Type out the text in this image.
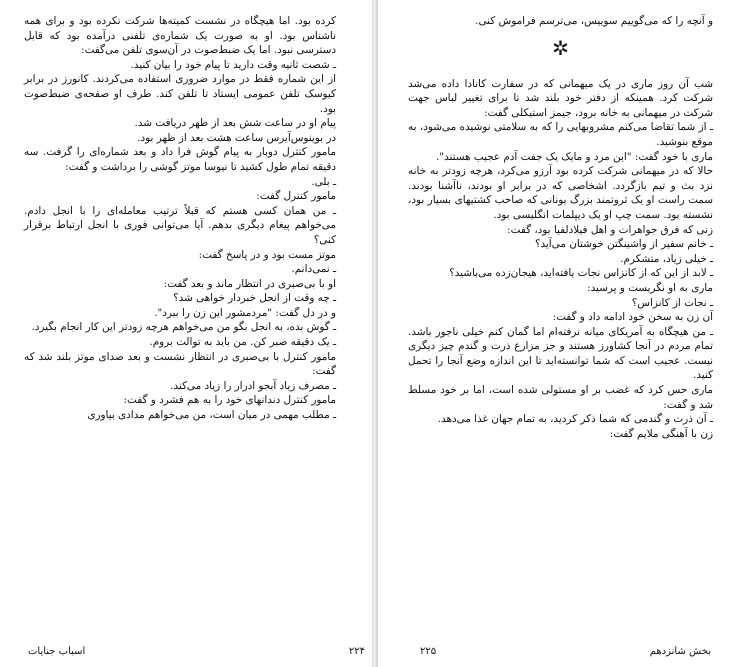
کرده بود. اما هیچگاه در نشست کمیته‌ها شرکت نکرده بود و برای همه ناشناس بود. او به صورت یک شماره‌ی تلفنی درآمده بود که قابل دسترسی نبود. اما یک ضبط‌صوت در آن‌سوی تلفن می‌گفت:

ـ شصت ثانیه وقت دارید تا پیام خود را بیان کنید.

از این شماره فقط در موارد ضروری استفاده می‌کردند. کانورز در برابر کیوسک تلفن عمومی ایستاد تا تلفن کند. طرف او صفحه‌ی ضبط‌صوت بود.

پیام او در ساعت شش بعد از ظهر دریافت شد.

در بوینوس‌آیرس ساعت هشت بعد از ظهر بود.

مامور کنترل دوبار به پیام گوش فرا داد و بعد شماره‌ای را گرفت. سه دقیقه تمام طول کشید تا نیوسا موتز گوشی را برداشت و گفت:

ـ بلی.

مامور کنترل گفت:

ـ من همان کسی هستم که قبلاً ترتیب معامله‌ای را با انجل دادم. می‌خواهم پیغام دیگری بدهم. آیا می‌توانی فوری با انجل ارتباط برقرار کنی؟

موتز مست بود و در پاسخ گفت:

ـ نمی‌دانم.

او با بی‌صبری در انتظار ماند و بعد گفت:

ـ چه وقت از انجل خبردار خواهی شد؟

و در دل گفت: "مردمشور این زن را ببرد".

ـ گوش بده، به انجل بگو من می‌خواهم هرچه زودتر این کار انجام بگیرد.

ـ یک دقیقه صبر کن. من باید به توالت بروم.

مامور کنترل با بی‌صبری در انتظار نشست و بعد صدای موتز بلند شد که گفت:

ـ مصرف زیاد آبجو ادرار را زیاد می‌کند.

مامور کنترل دندانهای خود را به هم فشرد و گفت:

ـ مطلب مهمی در میان است، من می‌خواهم مدادی بیاوری

و آنچه را که می‌گوییم سوییس، می‌ترسم فراموش کنی.

✲

شب آن روز ماری در یک میهمانی که در سفارت کانادا داده می‌شد شرکت کرد. همینکه از دفتر خود بلند شد تا برای تغییر لباس جهت شرکت در میهمانی به خانه برود، جیمز استیکلی گفت:

ـ از شما تقاضا می‌کنم مشروبهایی را که به سلامتی نوشیده می‌شود، به موقع بنوشید.

ماری با خود گفت: "این مرد و مایک یک جفت آدم عجیب هستند".

حالا که در میهمانی شرکت کرده بود آرزو می‌کرد، هرچه زودتر به خانه نزد بث و تیم بازگردد. اشخاصی که در برابر او بودند، ناآشنا بودند. سمت راست او یک ثروتمند بزرگ یونانی که صاحب کشتیهای بسیار بود، نشسته بود. سمت چپ او یک دیپلمات انگلیسی بود.

زنی که فرق جواهرات و اهل فیلادلفیا بود، گفت:

ـ خانم سفیر از واشینگتن خوشتان می‌آید؟

ـ خیلی زیاد، متشکرم.

ـ لابد از این که از کانزاس نجات یافته‌اید، هیجان‌زده می‌باشید؟

ماری به او نگریست و پرسید:

ـ نجات از کانزاس؟

آن زن به سخن خود ادامه داد و گفت:

ـ من هیچگاه به آمریکای میانه نرفته‌ام اما گمان کنم خیلی ناجور باشد. تمام مردم در آنجا کشاورز هستند و جز مزارع ذرت و گندم چیز دیگری نیست. عجیب است که شما توانسته‌اید تا این اندازه وضع آنجا را تحمل کنید.

ماری حس کرد که غضب بر او مستولی شده است، اما بر خود مسلط شد و گفت:

ـ آن ذرت و گندمی که شما ذکر کردید، به تمام جهان غذا می‌دهد.

زن با آهنگی ملایم گفت:

۲۲۴
اسباب جنایات	۲۲۵	بخش شانزدهم
